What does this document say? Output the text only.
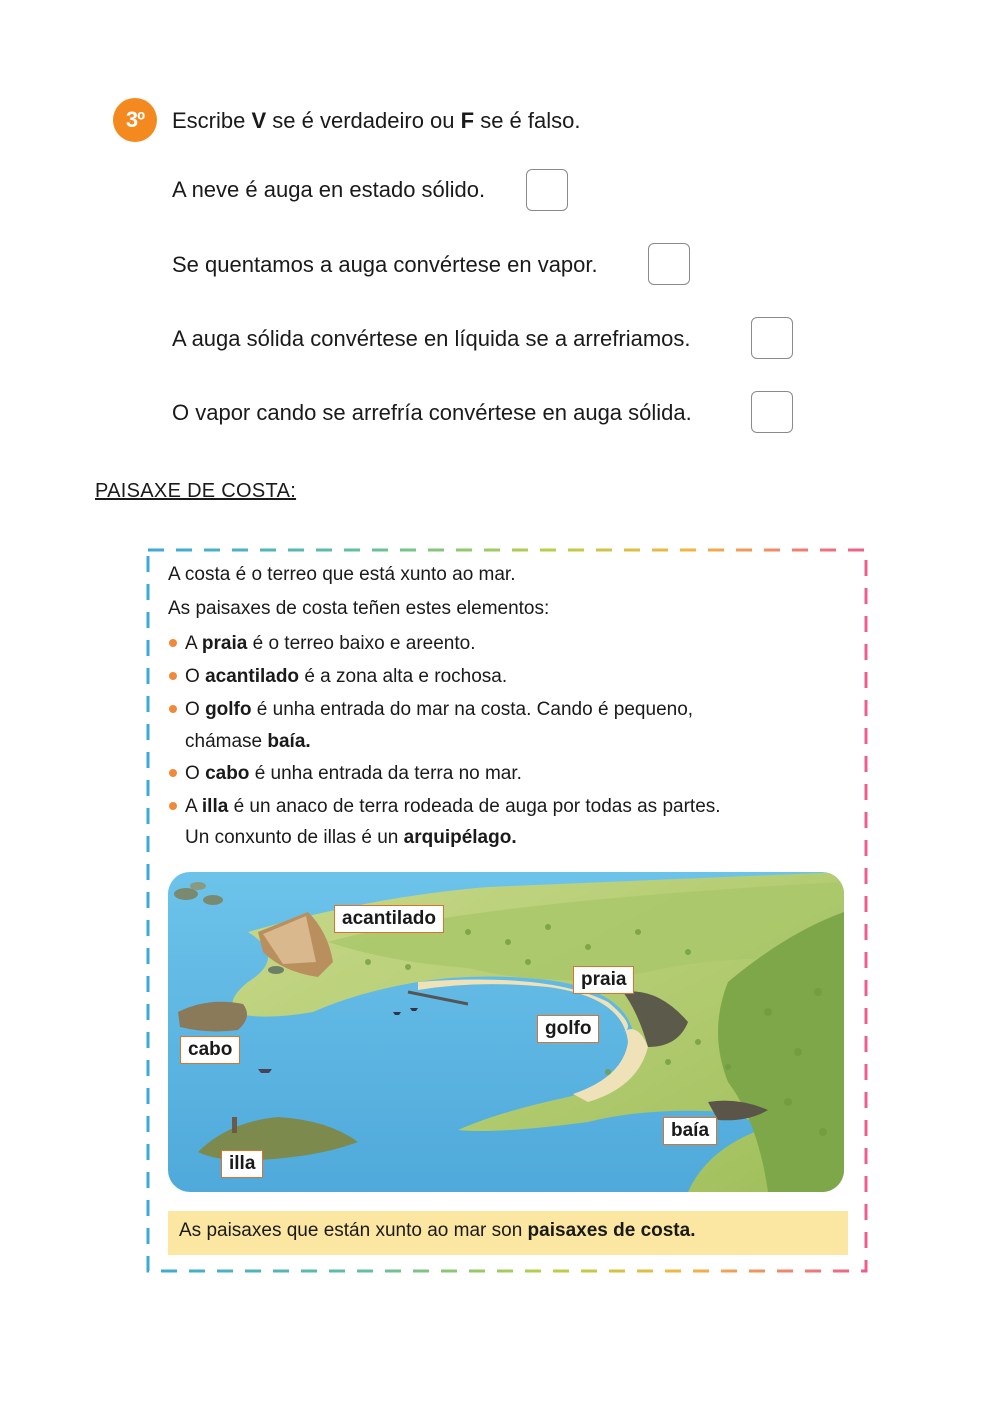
3º	Escribe V se é verdadeiro ou F se é falso.
A neve é auga en estado sólido.
Se quentamos a auga convértese en vapor.
A auga sólida convértese en líquida se a arrefriamos.
O vapor cando se arrefría convértese en auga sólida.
PAISAXE DE COSTA:
A costa é o terreo que está xunto ao mar.
As paisaxes de costa teñen estes elementos:
A praia é o terreo baixo e areento.
O acantilado é a zona alta e rochosa.
O golfo é unha entrada do mar na costa. Cando é pequeno,
chámase baía.
O cabo é unha entrada da terra no mar.
A illa é un anaco de terra rodeada de auga por todas as partes.
Un conxunto de illas é un arquipélago.
acantilado
praia
golfo
cabo
baía
illa
As paisaxes que están xunto ao mar son paisaxes de costa.
